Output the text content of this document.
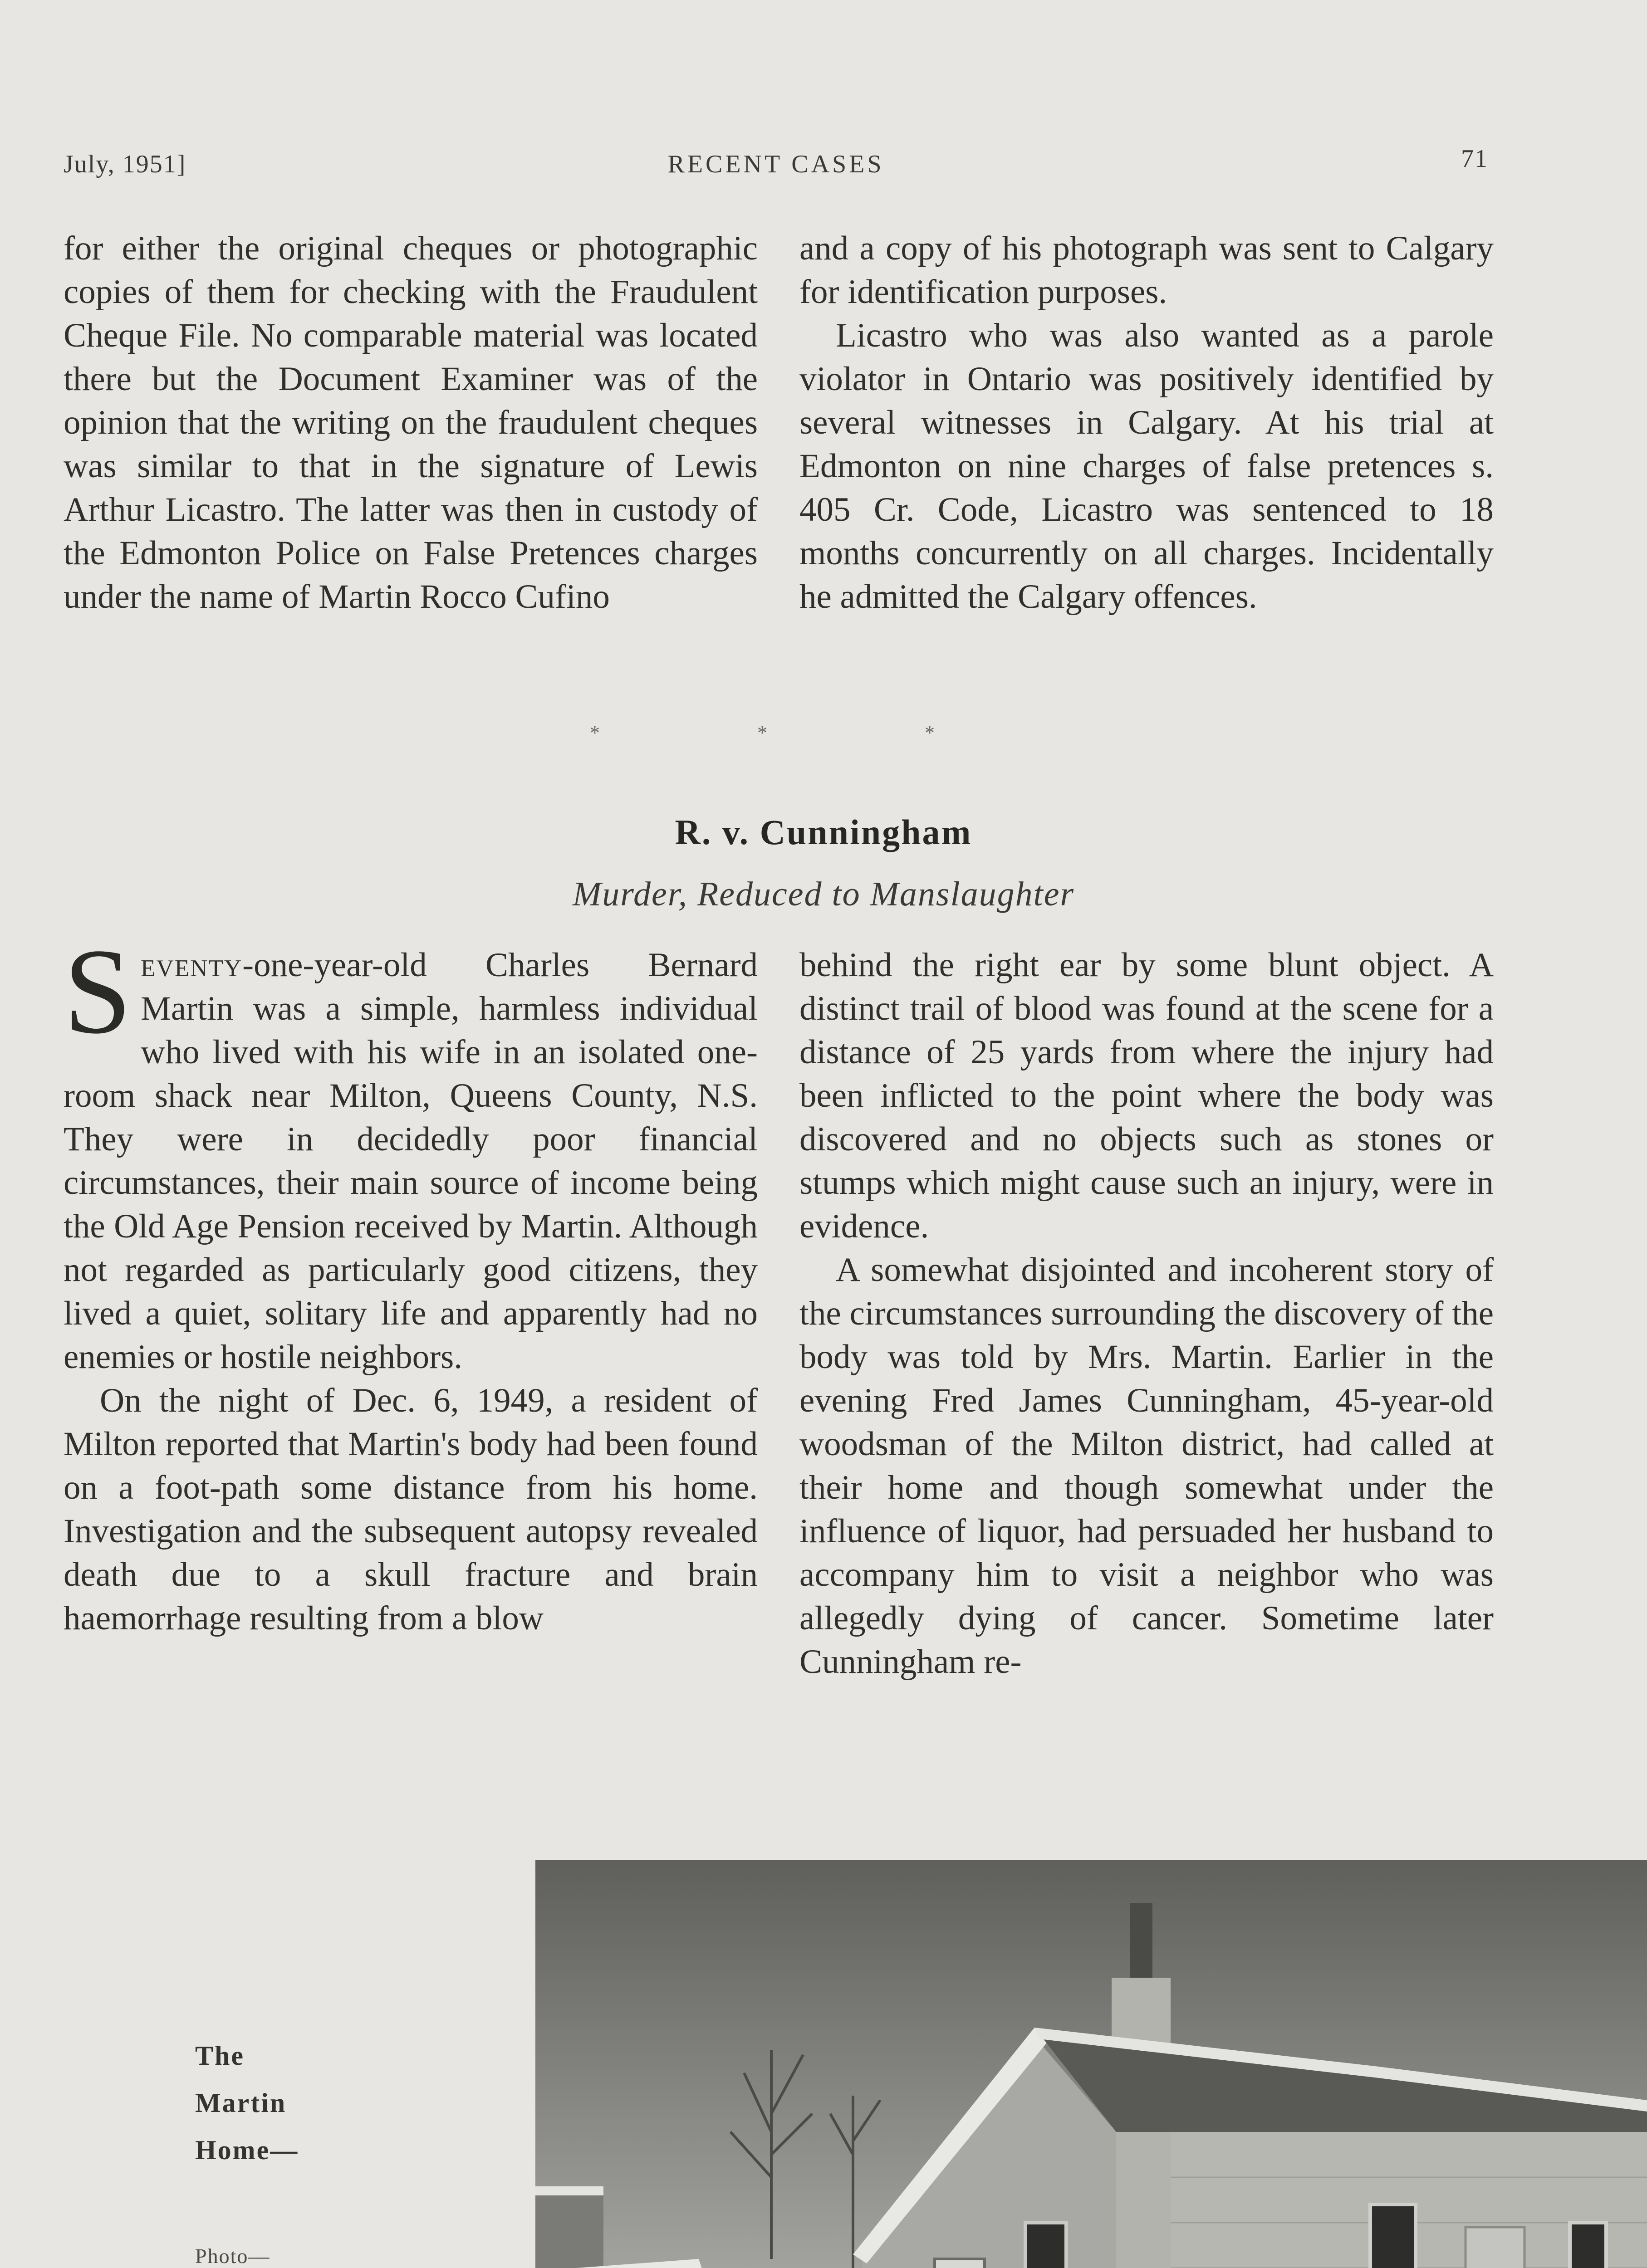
July, 1951]	RECENT CASES	71

for either the original cheques or photographic copies of them for checking with the Fraudulent Cheque File. No comparable material was located there but the Document Examiner was of the opinion that the writing on the fraudulent cheques was similar to that in the signature of Lewis Arthur Licastro. The latter was then in custody of the Edmonton Police on False Pretences charges under the name of Martin Rocco Cufino

and a copy of his photograph was sent to Calgary for identification purposes.

Licastro who was also wanted as a parole violator in Ontario was positively identified by several witnesses in Calgary. At his trial at Edmonton on nine charges of false pretences s. 405 Cr. Code, Licastro was sentenced to 18 months concurrently on all charges. Incidentally he admitted the Calgary offences.

*	*	*
R. v. Cunningham
Murder, Reduced to Manslaughter

Seventy-one-year-old Charles Bernard Martin was a simple, harmless individual who lived with his wife in an isolated one-room shack near Milton, Queens County, N.S. They were in decidedly poor financial circumstances, their main source of income being the Old Age Pension received by Martin. Although not regarded as particularly good citizens, they lived a quiet, solitary life and apparently had no enemies or hostile neighbors.

On the night of Dec. 6, 1949, a resident of Milton reported that Martin's body had been found on a foot-path some distance from his home. Investigation and the subsequent autopsy revealed death due to a skull fracture and brain haemorrhage resulting from a blow

behind the right ear by some blunt object. A distinct trail of blood was found at the scene for a distance of 25 yards from where the injury had been inflicted to the point where the body was discovered and no objects such as stones or stumps which might cause such an injury, were in evidence.

A somewhat disjointed and incoherent story of the circumstances surrounding the discovery of the body was told by Mrs. Martin. Earlier in the evening Fred James Cunningham, 45-year-old woodsman of the Milton district, had called at their home and though somewhat under the influence of liquor, had persuaded her husband to accompany him to visit a neighbor who was allegedly dying of cancer. Sometime later Cunningham re-

The
Martin
Home—
Photo—
